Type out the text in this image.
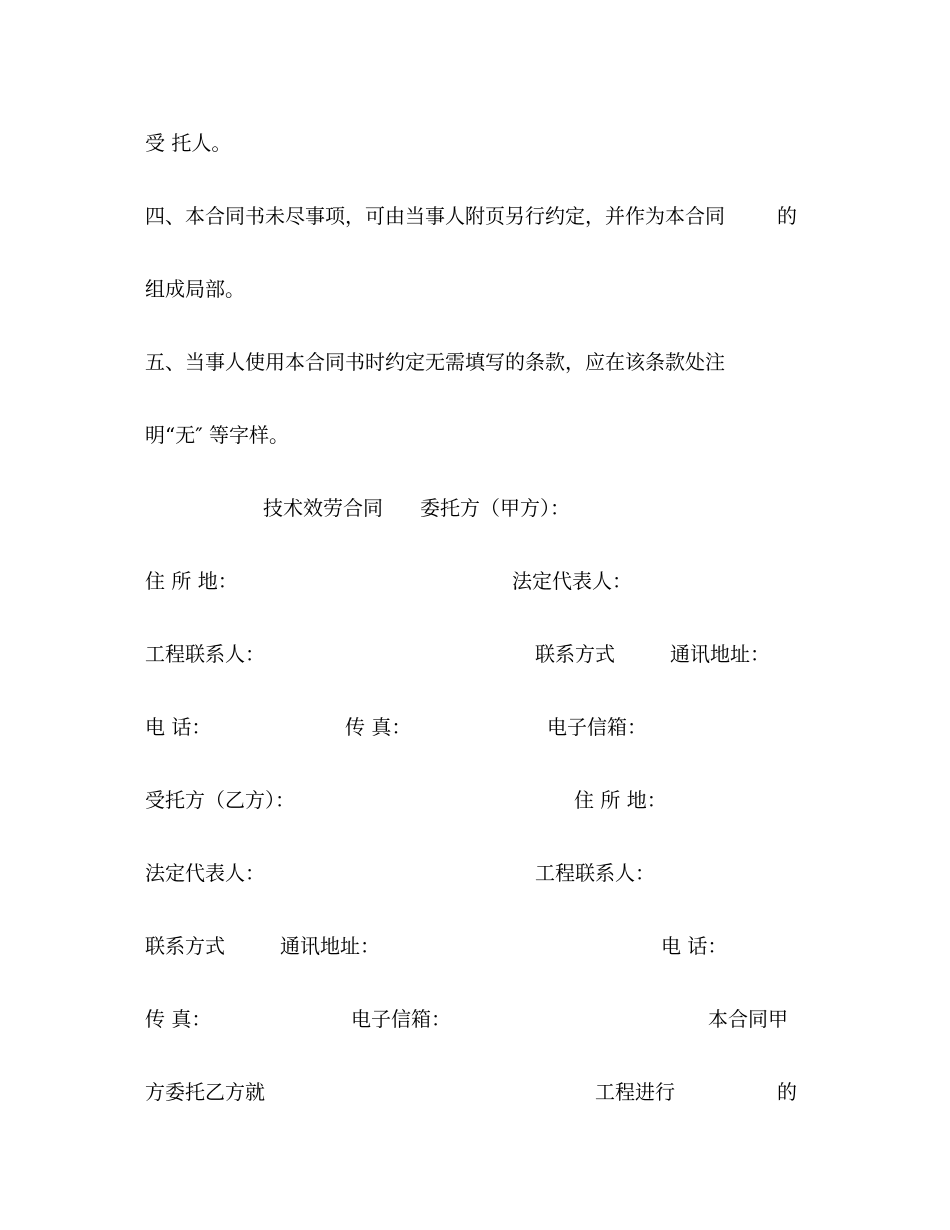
受 托人。
四、本合同书未尽事项，可由当事人附页另行约定，并作为本合同	的
组成局部。
五、当事人使用本合同书时约定无需填写的条款，应在该条款处注
明“无″ 等字样。
技术效劳合同 委托方（甲方）：
住 所 地：	法定代表人：
工程联系人：	联系方式	通讯地址：
电 话：	传 真：	电子信箱：
受托方（乙方）：	住 所 地：
法定代表人：	工程联系人：
联系方式	通讯地址：	电 话：
传 真：	电子信箱：	本合同甲
方委托乙方就	工程进行	的
